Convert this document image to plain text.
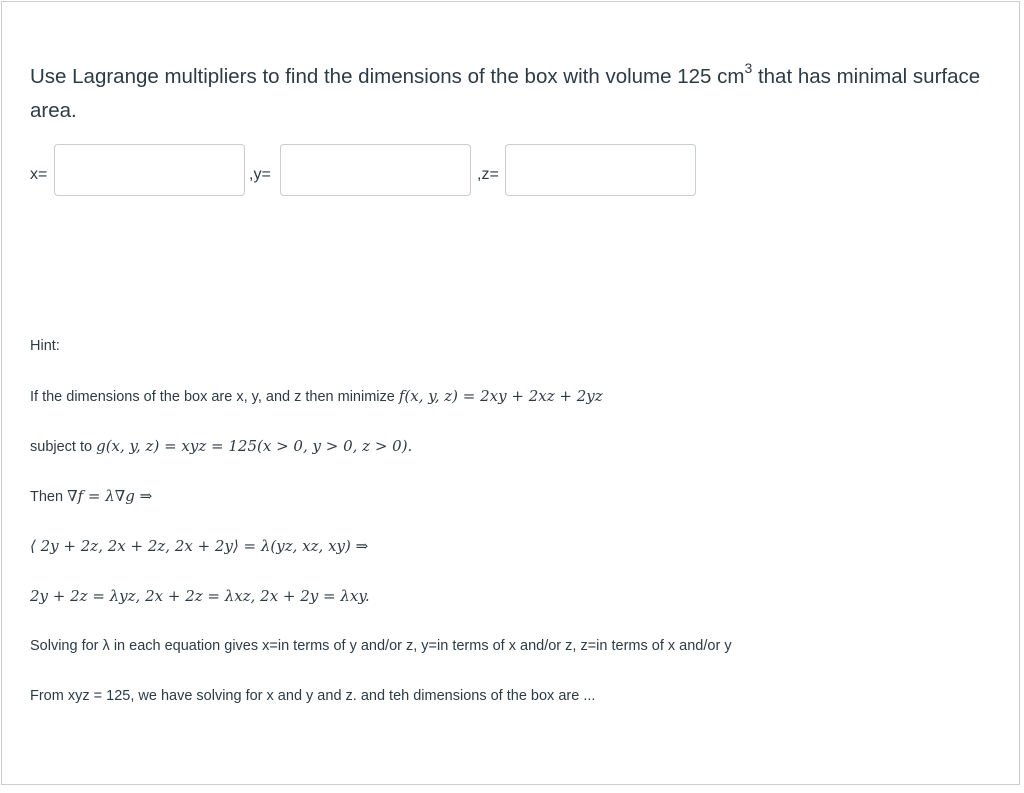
Use Lagrange multipliers to find the dimensions of the box with volume 125 $cm^3$ that has minimal surface area.
x=	,y=	,z=
Hint:
If the dimensions of the box are x, y, and z then minimize f(x, y, z) = 2xy + 2xz + 2yz
subject to g(x, y, z) = xyz = 125(x > 0, y > 0, z > 0).
Then ∇f = λ∇g ⇒
⟨ 2y + 2z, 2x + 2z, 2x + 2y⟩ = λ(yz, xz, xy) ⇒
2y + 2z = λyz, 2x + 2z = λxz, 2x + 2y = λxy.
Solving for λ in each equation gives x=in terms of y and/or z, y=in terms of x and/or z, z=in terms of x and/or y
From xyz = 125, we have solving for x and y and z. and teh dimensions of the box are ...
